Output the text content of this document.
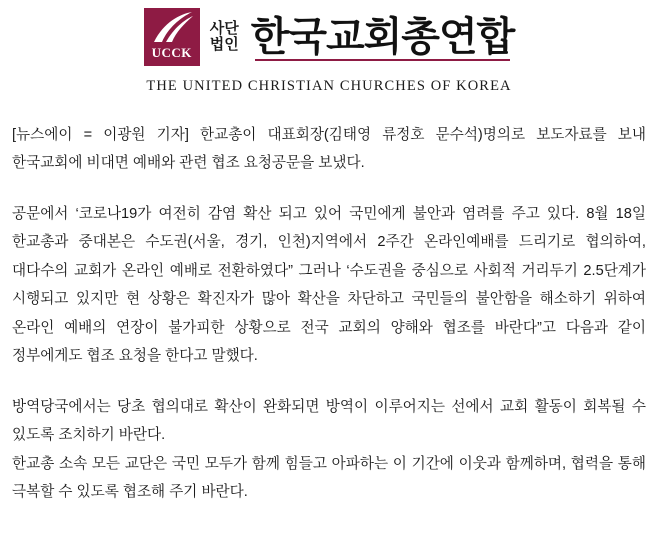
UCCK
사단
법인 한국교회총연합
THE UNITED CHRISTIAN CHURCHES OF KOREA

[뉴스에이 = 이광원 기자] 한교총이 대표회장(김태영 류정호 문수석)명의로 보도자료를 보내 한국교회에 비대면 예배와 관련 협조 요청공문을 보냈다.

공문에서 ‘코로나19가 여전히 감염 확산 되고 있어 국민에게 불안과 염려를 주고 있다. 8월 18일 한교총과 중대본은 수도권(서울, 경기, 인천)지역에서 2주간 온라인예배를 드리기로 협의하여, 대다수의 교회가 온라인 예배로 전환하였다” 그러나 ‘수도권을 중심으로 사회적 거리두기 2.5단계가 시행되고 있지만 현 상황은 확진자가 많아 확산을 차단하고 국민들의 불안함을 해소하기 위하여 온라인 예배의 연장이 불가피한 상황으로 전국 교회의 양해와 협조를 바란다”고 다음과 같이 정부에게도 협조 요청을 한다고 말했다.

방역당국에서는 당초 협의대로 확산이 완화되면 방역이 이루어지는 선에서 교회 활동이 회복될 수 있도록 조치하기 바란다.

한교총 소속 모든 교단은 국민 모두가 함께 힘들고 아파하는 이 기간에 이웃과 함께하며, 협력을 통해 극복할 수 있도록 협조해 주기 바란다.
